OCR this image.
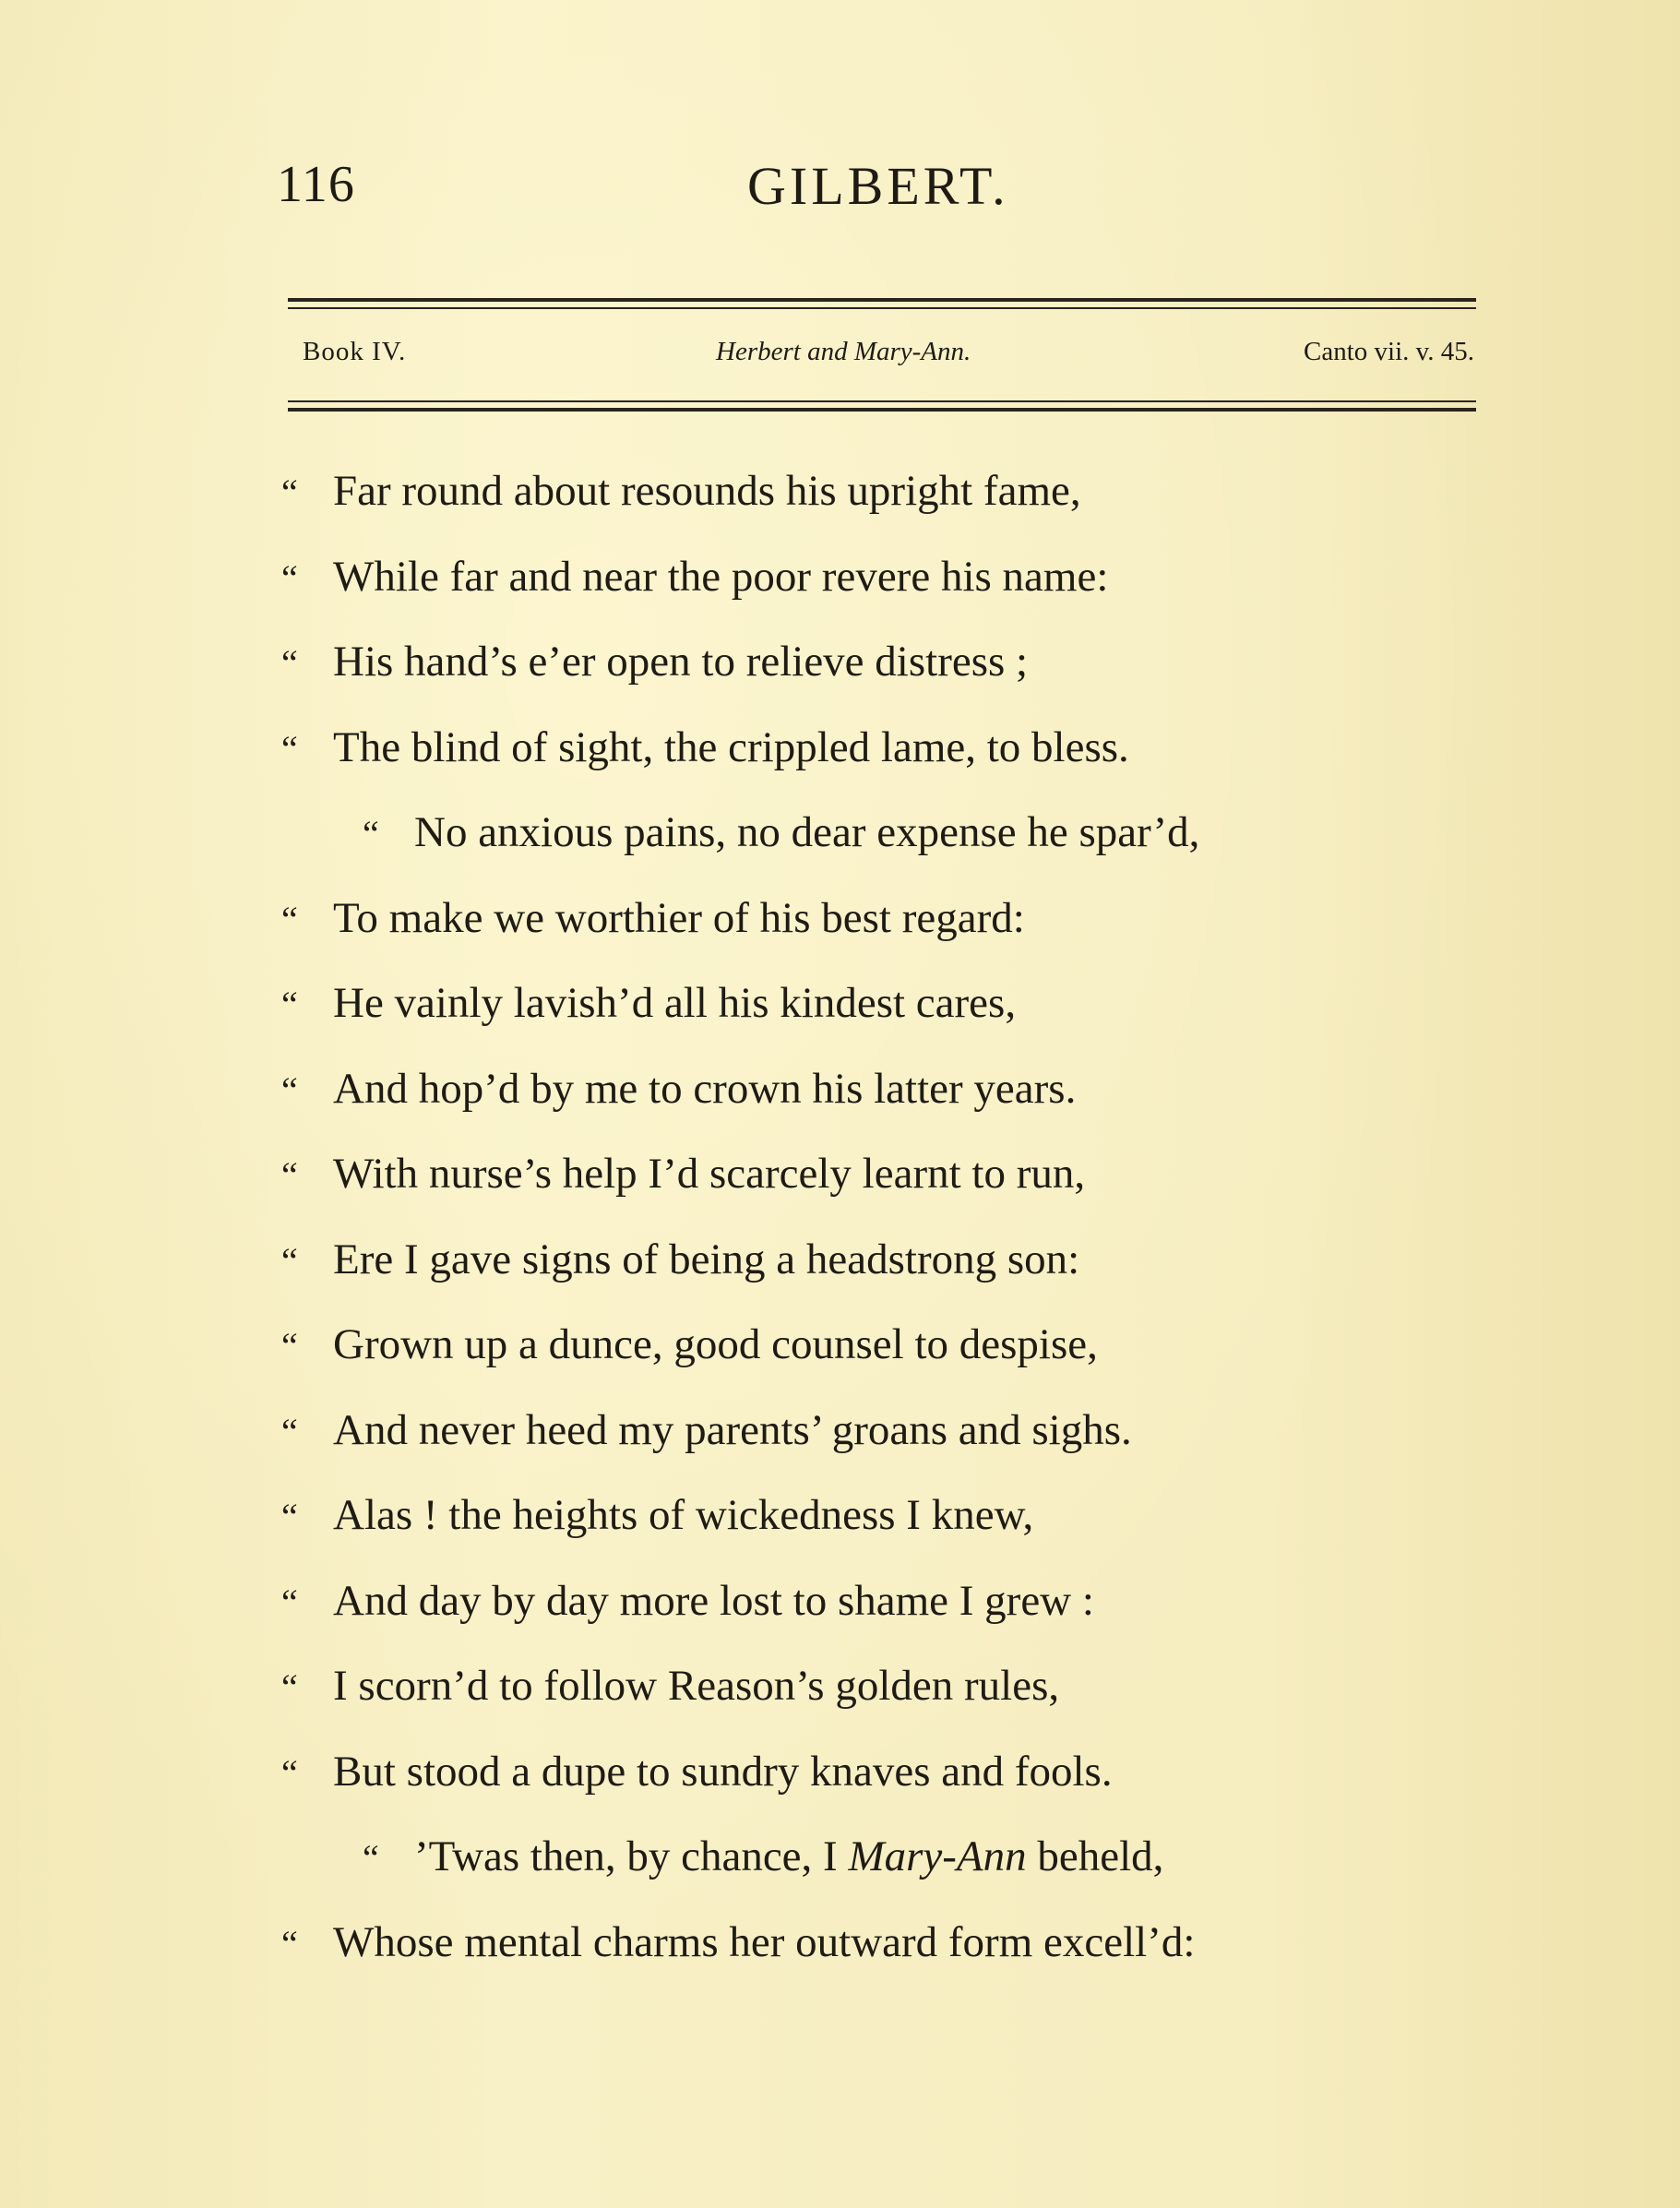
116	GILBERT.
Book IV.	Herbert and Mary-Ann.	Canto vii. v. 45.
“ Far round about resounds his upright fame,
“ While far and near the poor revere his name:
“ His hand’s e’er open to relieve distress ;
“ The blind of sight, the crippled lame, to bless.
“ No anxious pains, no dear expense he spar’d,
“ To make we worthier of his best regard:
“ He vainly lavish’d all his kindest cares,
“ And hop’d by me to crown his latter years.
“ With nurse’s help I’d scarcely learnt to run,
“ Ere I gave signs of being a headstrong son:
“ Grown up a dunce, good counsel to despise,
“ And never heed my parents’ groans and sighs.
“ Alas ! the heights of wickedness I knew,
“ And day by day more lost to shame I grew :
“ I scorn’d to follow Reason’s golden rules,
“ But stood a dupe to sundry knaves and fools.
“ ’Twas then, by chance, I Mary-Ann beheld,
“ Whose mental charms her outward form excell’d:
